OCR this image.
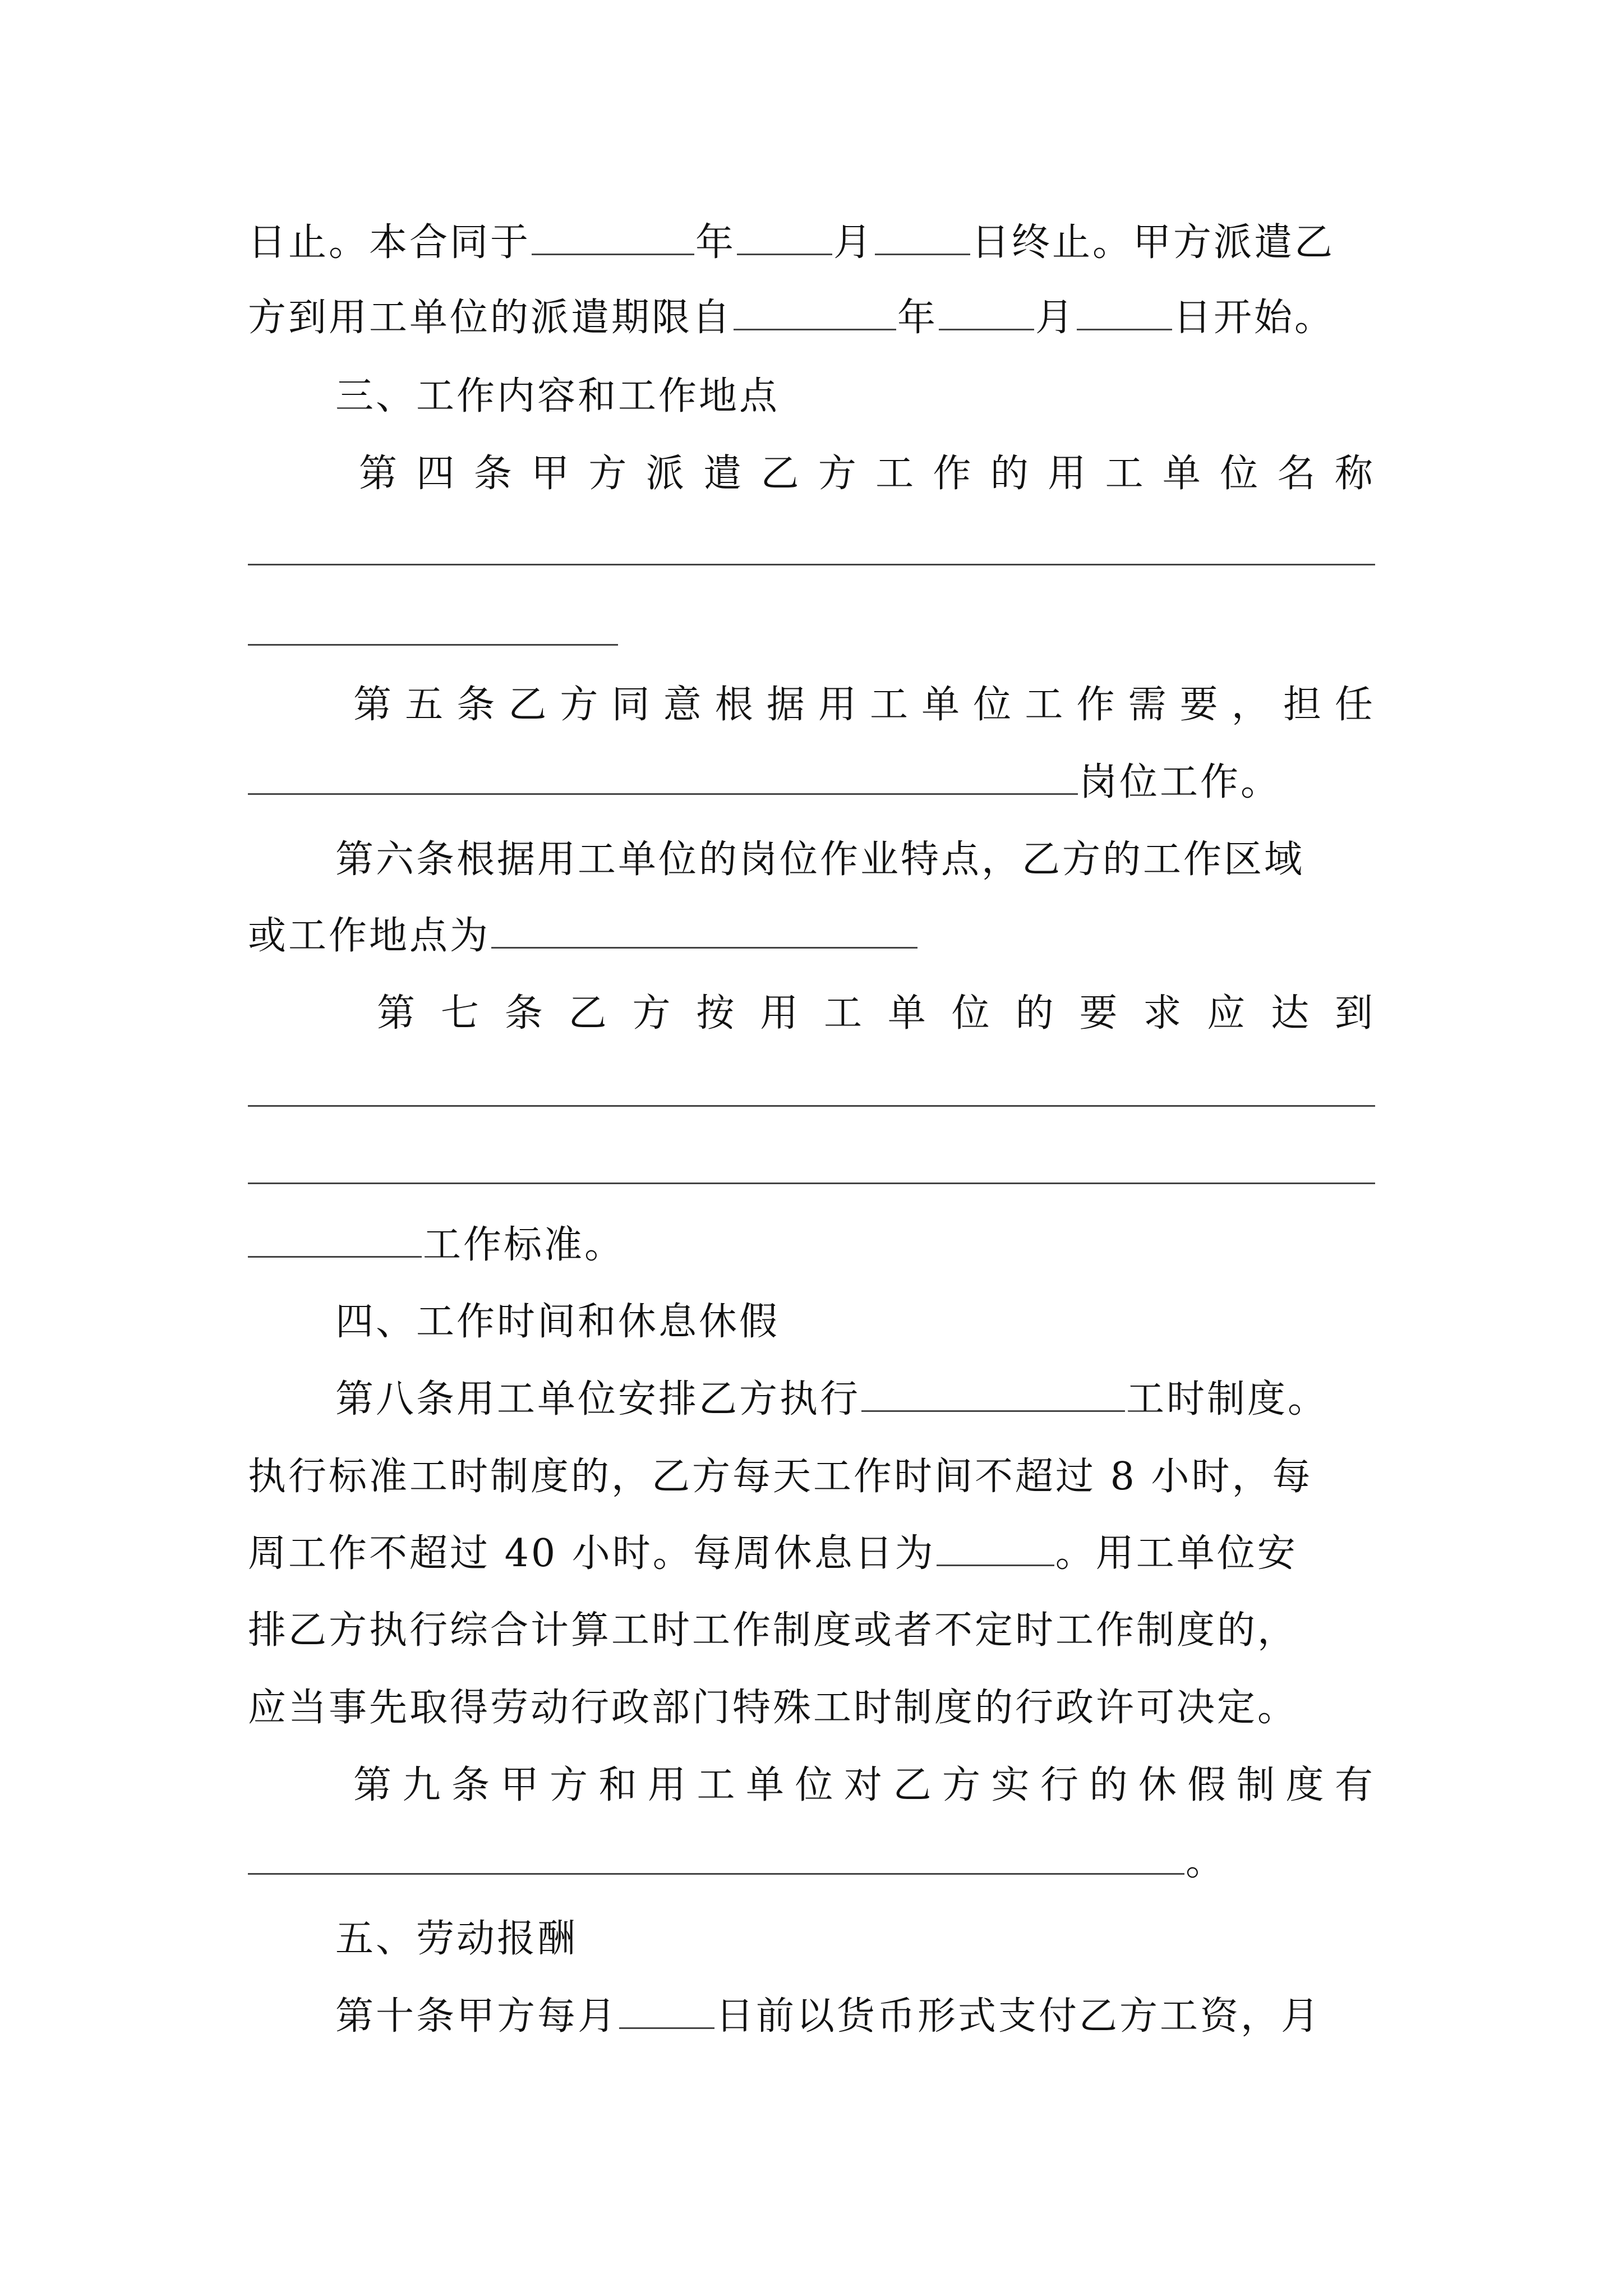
日止。本合同于	年	月	日终止。甲方派遣乙
方到用工单位的派遣期限自	年	月	日开始。
三、工作内容和工作地点
第四条甲方派遣乙方工作的用工单位名称
第五条乙方同意根据用工单位工作需要，担任
岗位工作。
第六条根据用工单位的岗位作业特点，乙方的工作区域
或工作地点为
第七条乙方按用工单位的要求应达到
工作标准。
四、工作时间和休息休假
第八条用工单位安排乙方执行	工时制度。
执行标准工时制度的，乙方每天工作时间不超过 8 小时，每
周工作不超过 40 小时。每周休息日为	。用工单位安
排乙方执行综合计算工时工作制度或者不定时工作制度的，
应当事先取得劳动行政部门特殊工时制度的行政许可决定。
第九条甲方和用工单位对乙方实行的休假制度有
。
五、劳动报酬
第十条甲方每月	日前以货币形式支付乙方工资，月
